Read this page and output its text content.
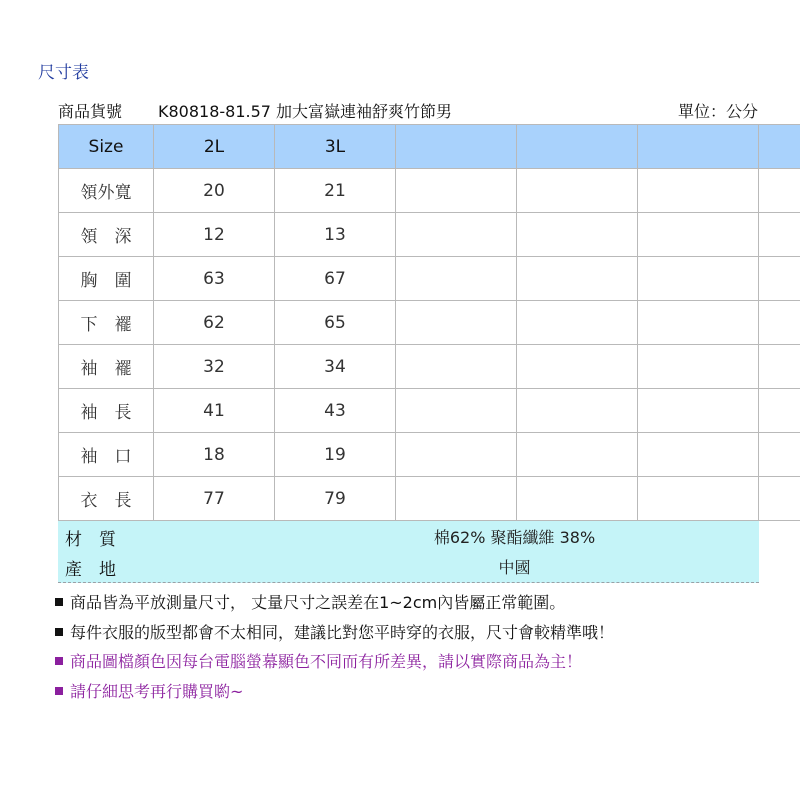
尺寸表
商品貨號 K80818-81.57 加大富嶽連袖舒爽竹節男	單位：公分
Size	2L	3L				
領外寬	20	21				
領　深	12	13				
胸　圍	63	67				
下　襬	62	65				
袖　襬	32	34				
袖　長	41	43				
袖　口	18	19				
衣　長	77	79				
材　質	棉62% 聚酯纖維 38%
產　地	中國
商品皆為平放測量尺寸， 丈量尺寸之誤差在1~2cm內皆屬正常範圍。
每件衣服的版型都會不太相同，建議比對您平時穿的衣服，尺寸會較精準哦！
商品圖檔顏色因每台電腦螢幕顯色不同而有所差異，請以實際商品為主！
請仔細思考再行購買喲~
